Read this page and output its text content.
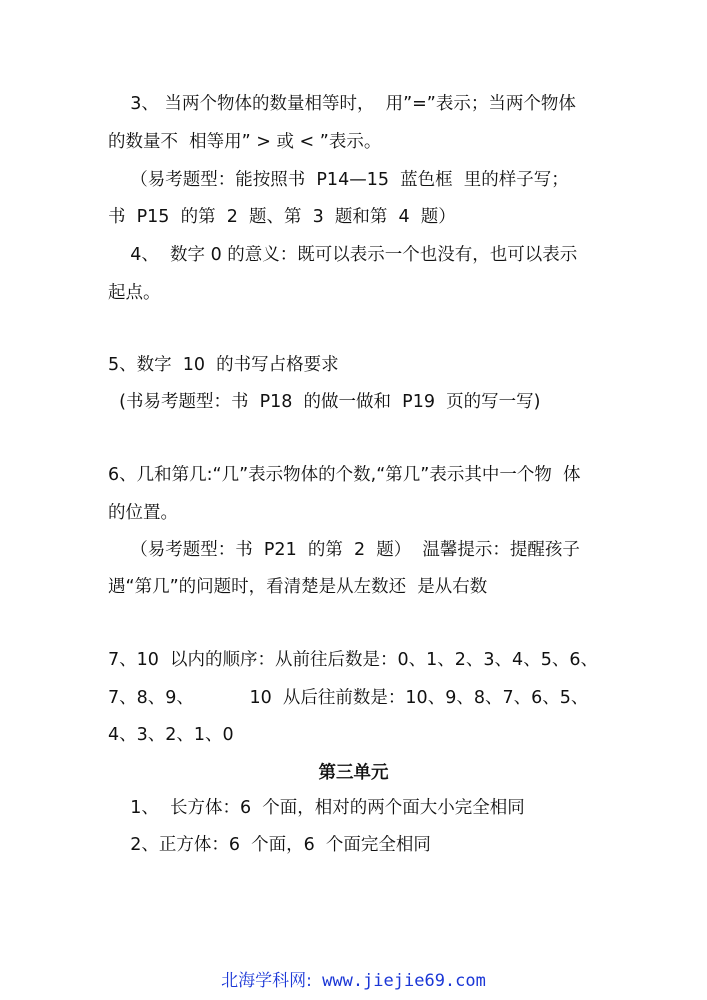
3、 当两个物体的数量相等时，  用”=”表示；当两个物体
的数量不  相等用” > 或 < ”表示。
（易考题型：能按照书  P14—15  蓝色框  里的样子写；
书  P15  的第  2  题、第  3  题和第  4  题）
4、  数字 0 的意义：既可以表示一个也没有，也可以表示
起点。
5、数字  10  的书写占格要求
(书易考题型：书  P18  的做一做和  P19  页的写一写)
6、几和第几:“几”表示物体的个数,“第几”表示其中一个物  体
的位置。
（易考题型：书  P21  的第  2  题）  温馨提示：提醒孩子
遇“第几”的问题时，看清楚是从左数还  是从右数
7、10  以内的顺序：从前往后数是：0、1、2、3、4、5、6、
7、8、9、          10  从后往前数是：10、9、8、7、6、5、
4、3、2、1、0
第三单元
1、  长方体：6  个面，相对的两个面大小完全相同
2、正方体：6  个面，6  个面完全相同
北海学科网: www.jiejie69.com
